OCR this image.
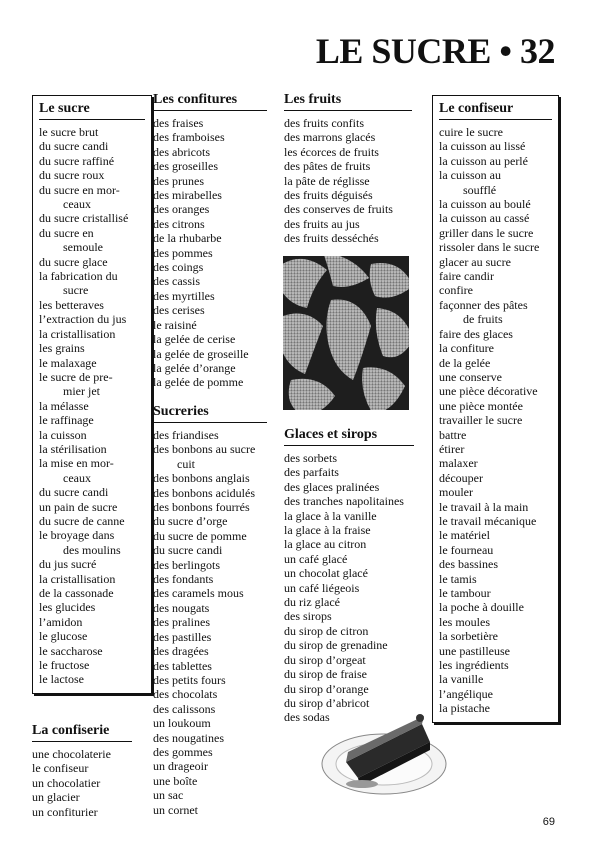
LE SUCRE • 32
Le sucre
le sucre brut
du sucre candi
du sucre raffiné
du sucre roux
du sucre en mor-
ceaux
du sucre cristallisé
du sucre en
semoule
du sucre glace
la fabrication du
sucre
les betteraves
l’extraction du jus
la cristallisation
les grains
le malaxage
le sucre de pre-
mier jet
la mélasse
le raffinage
la cuisson
la stérilisation
la mise en mor-
ceaux
du sucre candi
un pain de sucre
du sucre de canne
le broyage dans
des moulins
du jus sucré
la cristallisation
de la cassonade
les glucides
l’amidon
le glucose
le saccharose
le fructose
le lactose
La confiserie
une chocolaterie
le confiseur
un chocolatier
un glacier
un confiturier
Les confitures
des fraises
des framboises
des abricots
des groseilles
des prunes
des mirabelles
des oranges
des citrons
de la rhubarbe
des pommes
des coings
des cassis
des myrtilles
des cerises
le raisiné
la gelée de cerise
la gelée de groseille
la gelée d’orange
la gelée de pomme
Sucreries
des friandises
des bonbons au sucre
cuit
des bonbons anglais
des bonbons acidulés
des bonbons fourrés
du sucre d’orge
du sucre de pomme
du sucre candi
des berlingots
des fondants
des caramels mous
des nougats
des pralines
des pastilles
des dragées
des tablettes
des petits fours
des chocolats
des calissons
un loukoum
des nougatines
des gommes
un drageoir
une boîte
un sac
un cornet
Les fruits
des fruits confits
des marrons glacés
les écorces de fruits
des pâtes de fruits
la pâte de réglisse
des fruits déguisés
des conserves de fruits
des fruits au jus
des fruits desséchés
Glaces et sirops
des sorbets
des parfaits
des glaces pralinées
des tranches napolitaines
la glace à la vanille
la glace à la fraise
la glace au citron
un café glacé
un chocolat glacé
un café liégeois
du riz glacé
des sirops
du sirop de citron
du sirop de grenadine
du sirop d’orgeat
du sirop de fraise
du sirop d’orange
du sirop d’abricot
des sodas
Le confiseur
cuire le sucre
la cuisson au lissé
la cuisson au perlé
la cuisson au
soufflé
la cuisson au boulé
la cuisson au cassé
griller dans le sucre
rissoler dans le sucre
glacer au sucre
faire candir
confire
façonner des pâtes
de fruits
faire des glaces
la confiture
de la gelée
une conserve
une pièce décorative
une pièce montée
travailler le sucre
battre
étirer
malaxer
découper
mouler
le travail à la main
le travail mécanique
le matériel
le fourneau
des bassines
le tamis
le tambour
la poche à douille
les moules
la sorbetière
une pastilleuse
les ingrédients
la vanille
l’angélique
la pistache
69
